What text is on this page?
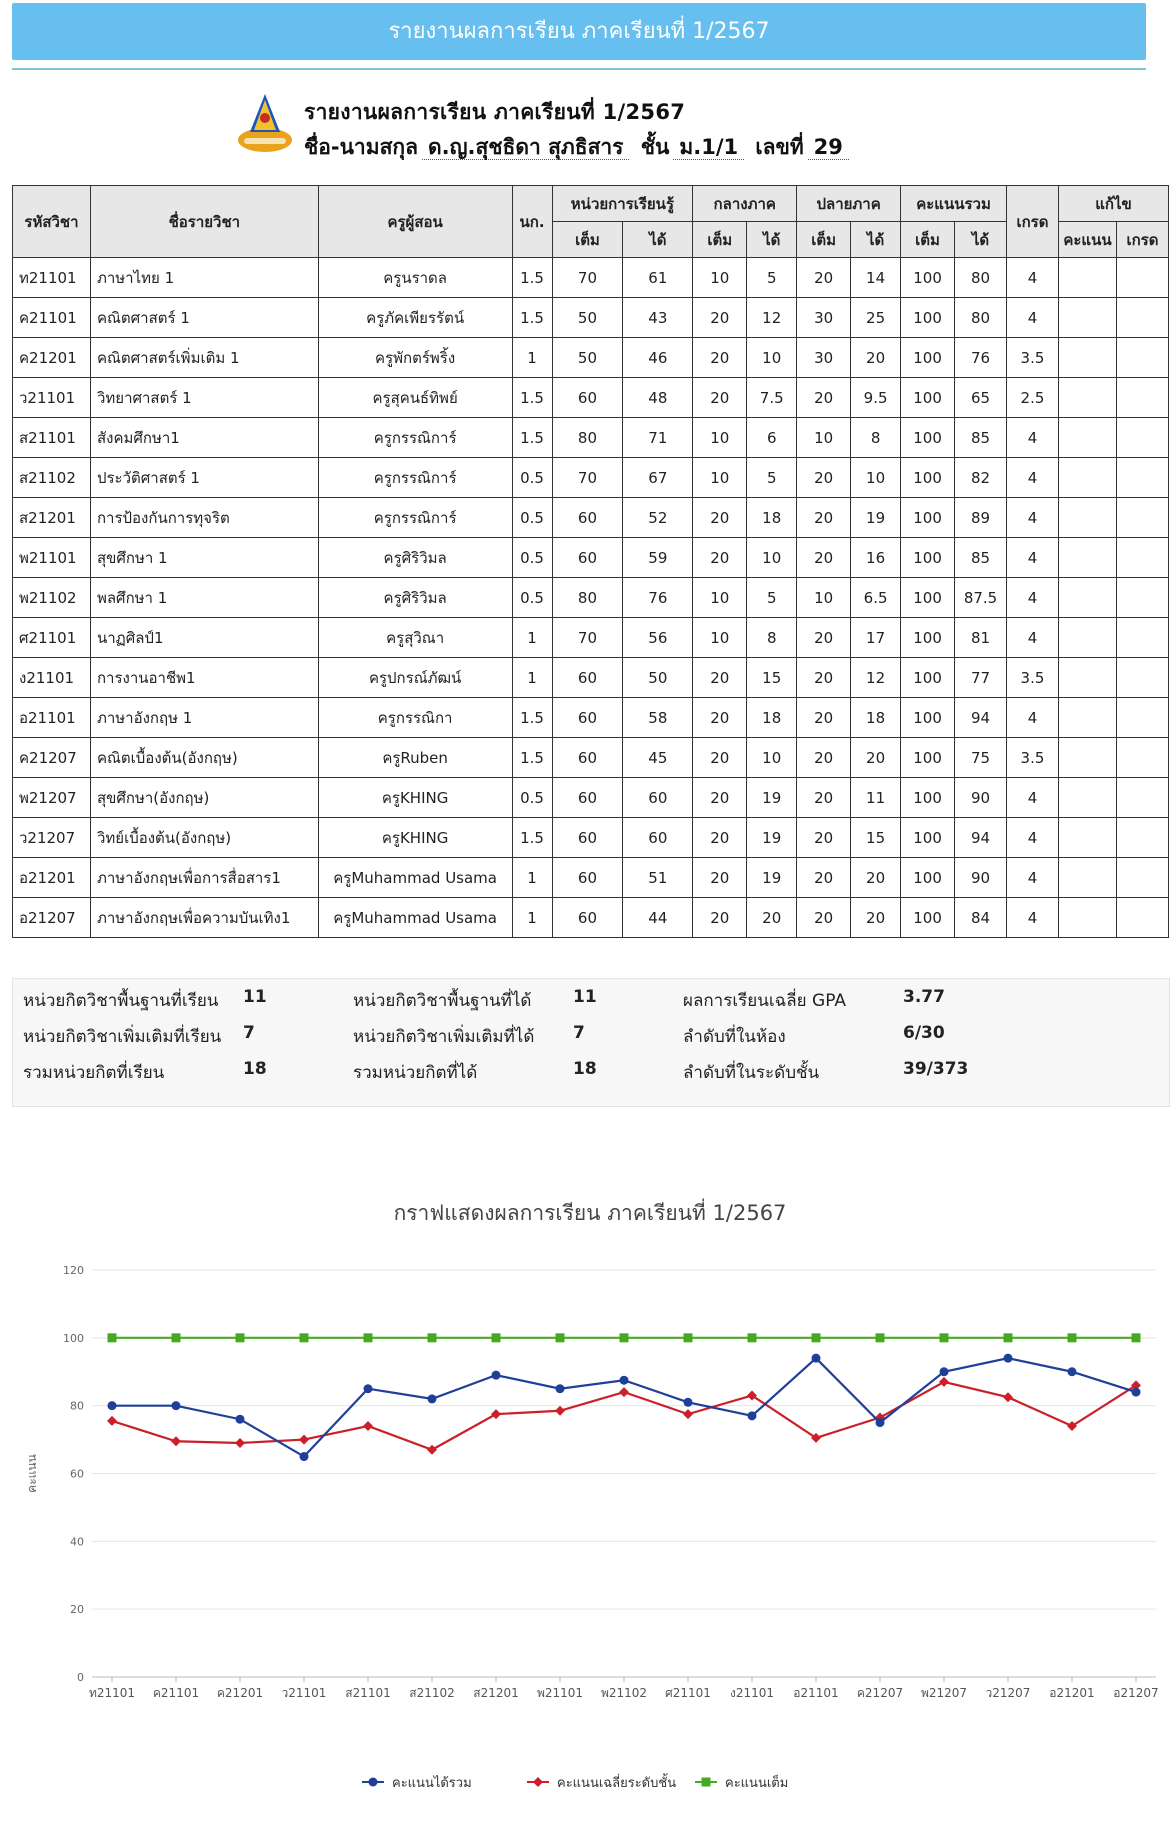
รายงานผลการเรียน ภาคเรียนที่ 1/2567
รายงานผลการเรียน ภาคเรียนที่ 1/2567
ชื่อ-นามสกุล ด.ญ.สุชธิดา สุภธิสาร ชั้น ม.1/1 เลขที่ 29
รหัสวิชา	ชื่อรายวิชา	ครูผู้สอน	นก.	หน่วยการเรียนรู้		กลางภาค		ปลายภาค		คะแนนรวม		เกรด	แก้ไข	
				เต็ม	ได้	เต็ม	ได้	เต็ม	ได้	เต็ม	ได้		คะแนน	เกรด
ท21101	ภาษาไทย 1	ครูนราดล	1.5	70	61	10	5	20	14	100	80	4		
ค21101	คณิตศาสตร์ 1	ครูภัคเพียรรัตน์	1.5	50	43	20	12	30	25	100	80	4		
ค21201	คณิตศาสตร์เพิ่มเติม 1	ครูพักตร์พริ้ง	1	50	46	20	10	30	20	100	76	3.5		
ว21101	วิทยาศาสตร์ 1	ครูสุคนธ์ทิพย์	1.5	60	48	20	7.5	20	9.5	100	65	2.5		
ส21101	สังคมศึกษา1	ครูกรรณิการ์	1.5	80	71	10	6	10	8	100	85	4		
ส21102	ประวัติศาสตร์ 1	ครูกรรณิการ์	0.5	70	67	10	5	20	10	100	82	4		
ส21201	การป้องกันการทุจริต	ครูกรรณิการ์	0.5	60	52	20	18	20	19	100	89	4		
พ21101	สุขศึกษา 1	ครูศิริวิมล	0.5	60	59	20	10	20	16	100	85	4		
พ21102	พลศึกษา 1	ครูศิริวิมล	0.5	80	76	10	5	10	6.5	100	87.5	4		
ศ21101	นาฏศิลป์1	ครูสุวิณา	1	70	56	10	8	20	17	100	81	4		
ง21101	การงานอาชีพ1	ครูปกรณ์ภัฒน์	1	60	50	20	15	20	12	100	77	3.5		
อ21101	ภาษาอังกฤษ 1	ครูกรรณิกา	1.5	60	58	20	18	20	18	100	94	4		
ค21207	คณิตเบื้องต้น(อังกฤษ)	ครูRuben	1.5	60	45	20	10	20	20	100	75	3.5		
พ21207	สุขศึกษา(อังกฤษ)	ครูKHING	0.5	60	60	20	19	20	11	100	90	4		
ว21207	วิทย์เบื้องต้น(อังกฤษ)	ครูKHING	1.5	60	60	20	19	20	15	100	94	4		
อ21201	ภาษาอังกฤษเพื่อการสื่อสาร1	ครูMuhammad Usama	1	60	51	20	19	20	20	100	90	4		
อ21207	ภาษาอังกฤษเพื่อความบันเทิง1	ครูMuhammad Usama	1	60	44	20	20	20	20	100	84	4		
หน่วยกิตวิชาพื้นฐานที่เรียน 11	หน่วยกิตวิชาพื้นฐานที่ได้ 11	ผลการเรียนเฉลี่ย GPA	3.77
หน่วยกิตวิชาเพิ่มเติมที่เรียน 7	หน่วยกิตวิชาเพิ่มเติมที่ได้ 7	ลำดับที่ในห้อง	6/30
รวมหน่วยกิตที่เรียน	18	รวมหน่วยกิตที่ได้	18	ลำดับที่ในระดับชั้น	39/373
กราฟแสดงผลการเรียน ภาคเรียนที่ 1/2567
0
20
40
60
80
100
120
คะแนน
ท21101 ค21101 ค21201 ว21101 ส21101 ส21102 ส21201 พ21101 พ21102 ศ21101 ง21101 อ21101 ค21207 พ21207 ว21207 อ21201 อ21207
คะแนนได้รวม	คะแนนเฉลี่ยระดับชั้น	คะแนนเต็ม
